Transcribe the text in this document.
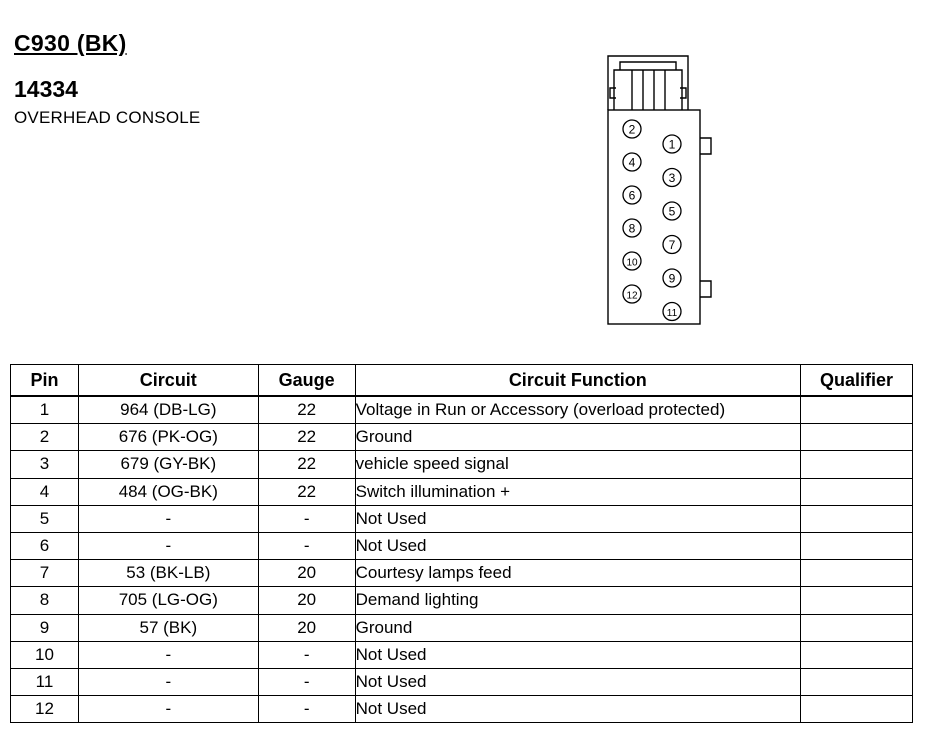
C930 (BK)
14334
OVERHEAD CONSOLE
2
4
6
8
10
12
1
3
5
7
9
11
Pin	Circuit	Gauge	Circuit Function	Qualifier
1	964 (DB-LG)	22	Voltage in Run or Accessory (overload protected)	
2	676 (PK-OG)	22	Ground	
3	679 (GY-BK)	22	vehicle speed signal	
4	484 (OG-BK)	22	Switch illumination +	
5	-	-	Not Used	
6	-	-	Not Used	
7	53 (BK-LB)	20	Courtesy lamps feed	
8	705 (LG-OG)	20	Demand lighting	
9	57 (BK)	20	Ground	
10	-	-	Not Used	
11	-	-	Not Used	
12	-	-	Not Used	
